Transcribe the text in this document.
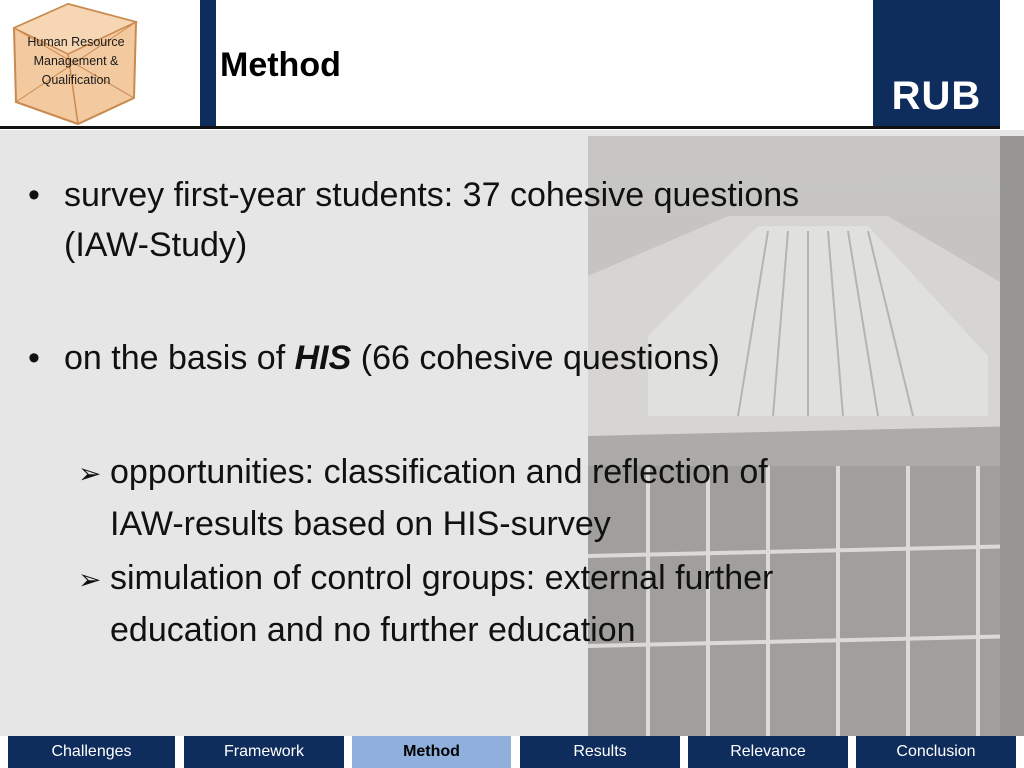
Human Resource
Management &
Qualification	Method
RUB
• survey first-year students: 37 cohesive questions
(IAW-Study)
• on the basis of HIS (66 cohesive questions)
➢ opportunities: classification and reflection of
IAW-results based on HIS-survey
➢ simulation of control groups: external further
education and no further education
Challenges	Framework	Method	Results	Relevance	Conclusion
